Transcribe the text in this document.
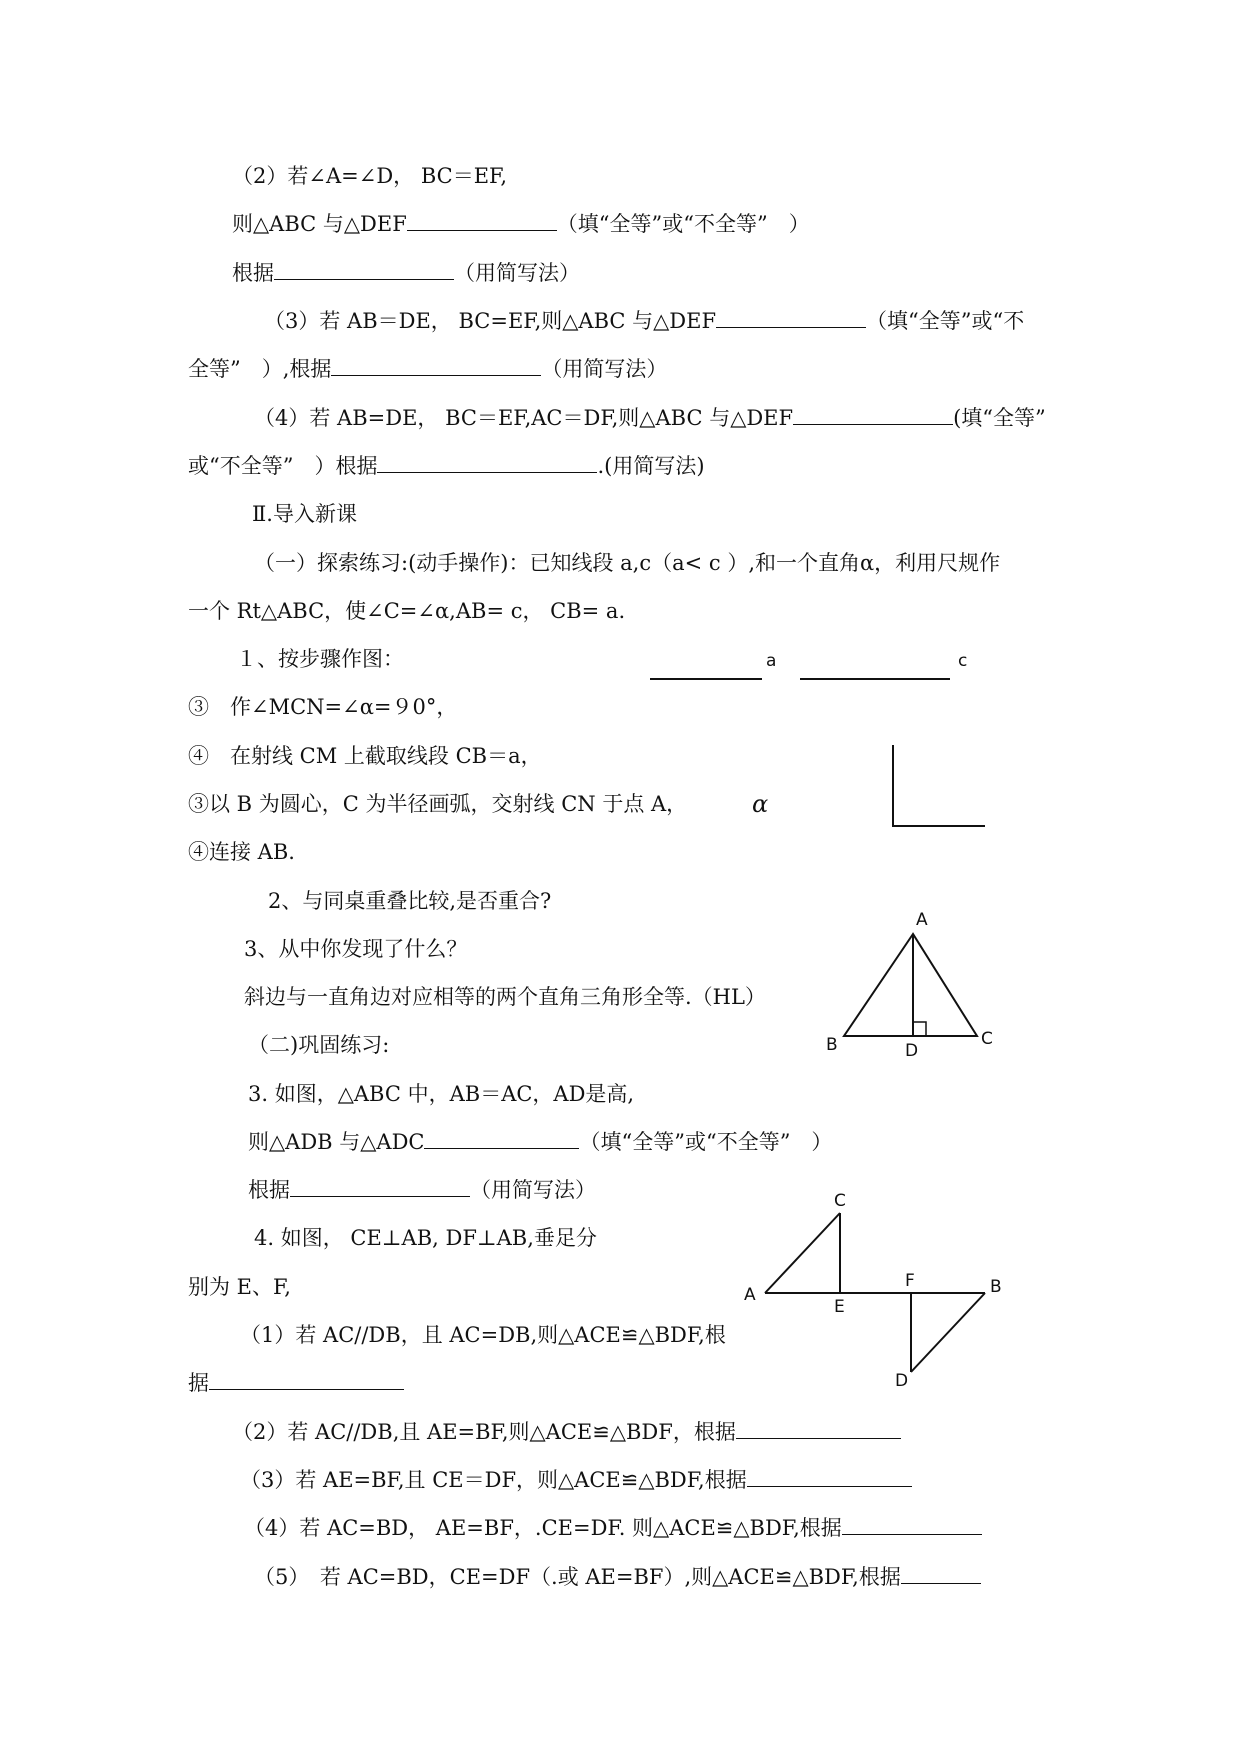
（2）若∠A=∠D， BC＝EF,
则△ABC 与△DEF	（填“全等”或“不全等”　）
根据	（用简写法）
（3）若 AB＝DE， BC=EF,则△ABC 与△DEF	（填“全等”或“不
全等”　）,根据	（用简写法）
（4）若 AB=DE， BC＝EF,AC＝DF,则△ABC 与△DEF	(填“全等”
或“不全等”　）根据	.(用简写法)
Ⅱ.导入新课
（一）探索练习:(动手操作)：已知线段 a,c（a< c ）,和一个直角α，利用尺规作
一个 Rt△ABC，使∠C=∠α,AB= c， CB= a.
１、按步骤作图：
③　作∠MCN=∠α=９0°，
④　在射线 CM 上截取线段 CB＝a，
③以 B 为圆心，C 为半径画弧，交射线 CN 于点 A，
④连接 AB.
2、与同桌重叠比较,是否重合?
3、从中你发现了什么？
斜边与一直角边对应相等的两个直角三角形全等.（HL）
（二)巩固练习:
3. 如图，△ABC 中，AB＝AC，AD是高,
则△ADB 与△ADC	（填“全等”或“不全等”　）
根据	（用简写法）
4. 如图， CE⊥AB, DF⊥AB,垂足分
别为 E、F,
（1）若 AC//DB，且 AC=DB,则△ACE≌△BDF,根
据
（2）若 AC//DB,且 AE=BF,则△ACE≌△BDF，根据
（3）若 AE=BF,且 CE＝DF，则△ACE≌△BDF,根据
（4）若 AC=BD， AE=BF，.CE=DF. 则△ACE≌△BDF,根据
（5）　若 AC=BD，CE=DF（.或 AE=BF）,则△ACE≌△BDF,根据
a	c
α
A
B	C
D
C
A
E
F	B
D
